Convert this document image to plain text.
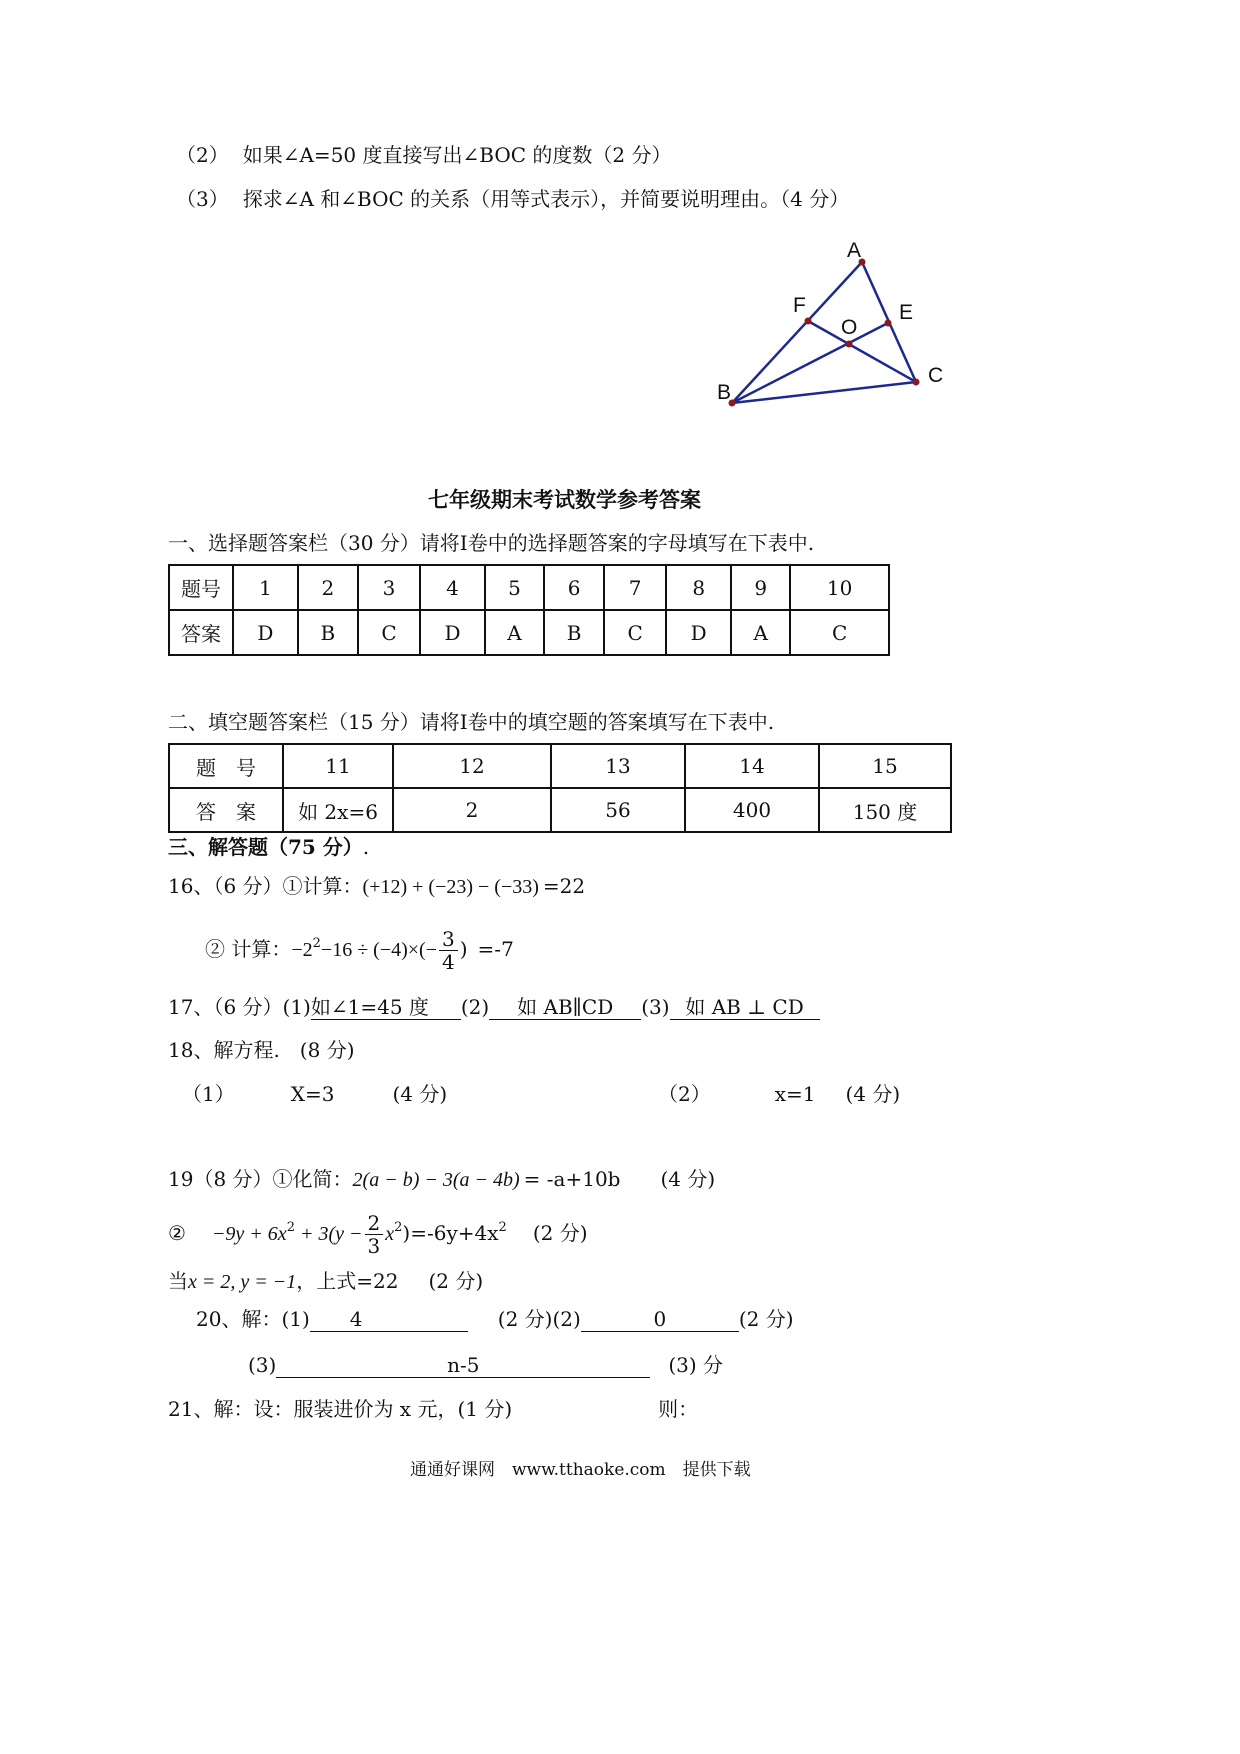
（2） 如果∠A=50 度直接写出∠BOC 的度数（2 分）
（3） 探求∠A 和∠BOC 的关系（用等式表示），并简要说明理由。（4 分）
A
B
C
E
F
O
七年级期末考试数学参考答案
一、选择题答案栏（30 分）请将Ⅰ卷中的选择题答案的字母填写在下表中.
题号	1	2	3	4	5	6	7	8	9	10
答案	D	B	C	D	A	B	C	D	A	C
二、填空题答案栏（15 分）请将Ⅰ卷中的填空题的答案填写在下表中.
题　号	11	12	13	14	15
答　案	如 2x=6	2	56	400	150 度
三、解答题（75 分）.
16、（6 分）①计算：(+12) + (−23) − (−33) =22
② 计算：$-2^2-16 \div (-4)\times(- \frac{3}{4}$ ) =-7
17、（6 分）(1)如∠1=45 度 (2) 如 AB∥CD (3) 如 AB ⊥ CD
18、解方程.　(8 分)
（1）	X=3	(4 分)	（2）	x=1 (4 分)
19（8 分）①化简：2(a − b) − 3(a − 4b) = -a+10b (4 分)
② $-9y + 6x^2 + 3(y - \frac{2}{3} x^2)=-6y+4x^2$ (2 分)
当x = 2, y = −1，上式=22 (2 分)
20、解：(1) 4	(2 分)(2)	0	(2 分)
(3)	n-5	(3) 分
21、解：设：服装进价为 x 元，(1 分)	则：
通通好课网　www.tthaoke.com　提供下载
